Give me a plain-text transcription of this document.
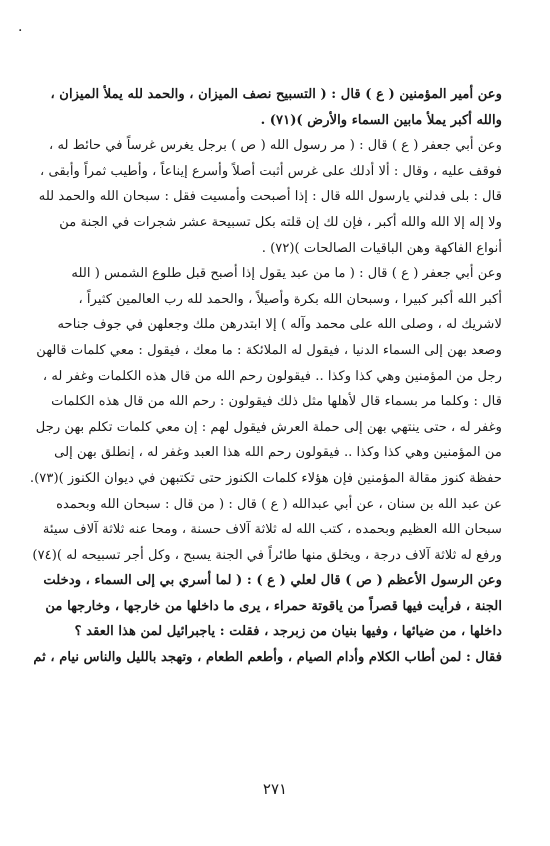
·
وعن أمير المؤمنين ( ع ) قال : ( التسبيح نصف الميزان ، والحمد لله يملأ الميزان ،
والله أكبر يملأ مابين السماء والأرض )(٧١) .
وعن أبي جعفر ( ع ) قال : ( مر رسول الله ( ص ) برجل يغرس غرساً في حائط له ،
فوقف عليه ، وقال : ألا أدلك على غرس أثبت أصلاً وأسرع إيناعاً ، وأطيب ثمراً وأبقى ،
قال : بلى فدلني يارسول الله قال : إذا أصبحت وأمسيت فقل : سبحان الله والحمد لله
ولا إله إلا الله والله أكبر ، فإن لك إن قلته بكل تسبيحة عشر شجرات في الجنة من
أنواع الفاكهة وهن الباقيات الصالحات )(٧٢) .
وعن أبي جعفر ( ع ) قال : ( ما من عبد يقول إذا أصبح قبل طلوع الشمس ( الله
أكبر الله أكبر كبيرا ، وسبحان الله بكرة وأصيلاً ، والحمد لله رب العالمين كثيراً ،
لاشريك له ، وصلى الله على محمد وآله ) إلا ابتدرهن ملك وجعلهن في جوف جناحه
وصعد بهن إلى السماء الدنيا ، فيقول له الملائكة : ما معك ، فيقول : معي كلمات قالهن
رجل من المؤمنين وهي كذا وكذا .. فيقولون رحم الله من قال هذه الكلمات وغفر له ،
قال : وكلما مر بسماء قال لأهلها مثل ذلك فيقولون : رحم الله من قال هذه الكلمات
وغفر له ، حتى ينتهي بهن إلى حملة العرش فيقول لهم : إن معي كلمات تكلم بهن رجل
من المؤمنين وهي كذا وكذا .. فيقولون رحم الله هذا العبد وغفر له ، إنطلق بهن إلى
حفظة كنوز مقالة المؤمنين فإن هؤلاء كلمات الكنوز حتى تكتبهن في ديوان الكنوز )(٧٣).
عن عبد الله بن سنان ، عن أبي عبدالله ( ع ) قال : ( من قال : سبحان الله وبحمده
سبحان الله العظيم وبحمده ، كتب الله له ثلاثة آلاف حسنة ، ومحا عنه ثلاثة آلاف سيئة
ورفع له ثلاثة آلاف درجة ، ويخلق منها طائراً في الجنة يسبح ، وكل أجر تسبيحه له )(٧٤)
وعن الرسول الأعظم ( ص ) قال لعلي ( ع ) : ( لما أسري بي إلى السماء ، ودخلت
الجنة ، فرأيت فيها قصراً من ياقوتة حمراء ، يرى ما داخلها من خارجها ، وخارجها من
داخلها ، من ضيائها ، وفيها بنيان من زبرجد ، فقلت : ياجبرائيل لمن هذا العقد ؟
فقال : لمن أطاب الكلام وأدام الصيام ، وأطعم الطعام ، وتهجد بالليل والناس نيام ، ثم
٢٧١
